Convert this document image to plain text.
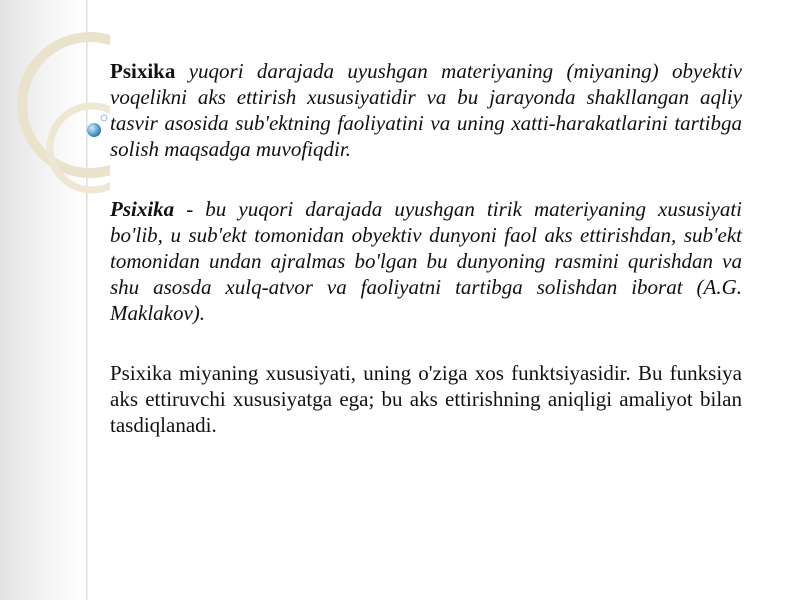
Psixika yuqori darajada uyushgan materiyaning (miyaning) obyektiv voqelikni aks ettirish xususiyatidir va bu jarayonda shakllangan aqliy tasvir asosida sub'ektning faoliyatini va uning xatti-harakatlarini tartibga solish maqsadga muvofiqdir.

Psixika - bu yuqori darajada uyushgan tirik materiyaning xususiyati bo'lib, u sub'ekt tomonidan obyektiv dunyoni faol aks ettirishdan, sub'ekt tomonidan undan ajralmas bo'lgan bu dunyoning rasmini qurishdan va shu asosda xulq-atvor va faoliyatni tartibga solishdan iborat (A.G. Maklakov).

Psixika miyaning xususiyati, uning o'ziga xos funktsiyasidir. Bu funksiya aks ettiruvchi xususiyatga ega; bu aks ettirishning aniqligi amaliyot bilan tasdiqlanadi.
